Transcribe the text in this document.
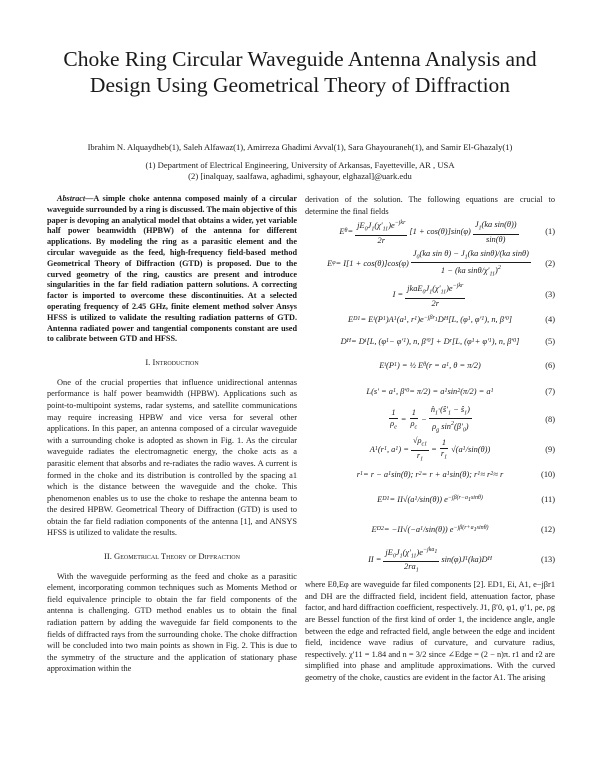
Choke Ring Circular Waveguide Antenna Analysis and Design Using Geometrical Theory of Diffraction
Ibrahim N. Alquaydheb(1), Saleh Alfawaz(1), Amirreza Ghadimi Avval(1), Sara Ghayouraneh(1), and Samir El-Ghazaly(1)
(1) Department of Electrical Engineering, University of Arkansas, Fayetteville, AR , USA
(2) [inalquay, saalfawa, aghadimi, sghayour, elghazal]@uark.edu
Abstract—A simple choke antenna composed mainly of a circular waveguide surrounded by a ring is discussed. The main objective of this paper is devoping an analytical model that obtains a wider, yet variable half power beamwidth (HPBW) of the antenna for different applications. By modeling the ring as a parasitic element and the circular waveguide as the feed, high-frequency field-based method Geometrical Theory of Diffraction (GTD) is proposed. Due to the curved geometry of the ring, caustics are present and introduce singularities in the far field radiation pattern solutions. A correcting factor is imported to overcome these discontinuities. At a selected operating frequency of 2.45 GHz, finite element method solver Ansys HFSS is utilized to validate the resulting radiation patterns of GTD. Antenna radiated power and tangential components constant are used to calibrate between GTD and HFSS.
I. Introduction

One of the crucial properties that influence unidirectional antennas performance is half power beamwidth (HPBW). Applications such as point-to-multipoint systems, radar systems, and satellite communications may require increasing HPBW and vice versa for several other applications. In this paper, an antenna composed of a circular waveguide with a surrounding choke is adopted as shown in Fig. 1. As the circular waveguide radiates the electromagnetic energy, the choke acts as a parasitic element that absorbs and re-radiates the radio waves. A current is formed in the choke and its distribution is controlled by the spacing a1 which is the distance between the waveguide and the choke. This phenomenon enables us to use the choke to reshape the antenna beam to the desired HPBW. Geometrical Theory of Diffraction (GTD) is used to obtain the far field radiation components of the antenna [1], and ANSYS HFSS is utilized to validate the results.

II. Geometrical Theory of Diffraction

With the waveguide performing as the feed and choke as a parasitic element, incorporating common techniques such as Moments Method or field equivalence principle to obtain the far field components of the antenna is challenging. GTD method enables us to obtain the final radiation pattern by adding the waveguide far field components to the fields of diffracted rays from the surrounding choke. The choke diffraction will be concluded into two main points as shown in Fig. 2. This is due to the symmetry of the structure and the application of stationary phase approximation within the

derivation of the solution. The following equations are crucial to determine the final fields
E $\theta = \frac{jE_0J_1(\chi'_{11})e^{-jkr}}{2r} [1 + \cos(\theta)]\sin(\varphi) \frac{J_1(ka \sin(\theta))}{\sin(\theta)}$	(1)
E $\varphi = I[1 + \cos(\theta)]\cos(\varphi) \frac{J_0(ka \sin \theta) - J_1(ka \sin\theta)/(ka \sin\theta)}{1 - (ka \sin\theta/\chi'_{11})^2} (2)$
$I = \frac{jkaE_0J_1(\chi'_{11})e^{-jkr}}{2r}$	(3)
E D1 = E i (P 1 )A 1 (a 1 , r 1 )e −jβr$_1$ D H [L, (φ 1 , φ′ 1 ), n, β′ 0 ]	(4)
D H = D i [L, (φ 1 − φ′ 1 ), n, β′ 0 ] + D r [L, (φ 1 + φ′ 1 ), n, β′ 0 ]	(5)
E i (P 1 ) = ½ E θ (r = a 1 , θ = π/2)	(6)
L(s′ = a 1 , β′ 0 = π/2) = a 1 sin 2 (π/2) = a 1	(7)
$\frac{1}{\rho_e} = \frac{1}{\rho_c} - \frac{n̂_1\cdot(ŝ'_1 - ŝ_1)}{\rho_g \sin^2(\beta'_0)}$	(8)
A 1 (r 1 , a 1 ) = $\frac{√\rho_{c1}}{r_1} = \frac{1}{r_1} √(a$ 1 /sin(θ))	(9)
r 1 = r − a 1 sin(θ); r 2 = r + a 1 sin(θ); r 1 ≈ r 2 ≈ r	(10)
E D1 = II√(a 1 /sin(θ)) $e -j\beta(r-a_1\sin\theta)$	(11)
E D2 = −II√(−a 1 /sin(θ)) $e -j\beta(r+a_1\sin\theta)$	(12)
II = $\frac{jE_0J_1(\chi'_{11})e^{-jka_1}}{2ra_1} \sin(\varphi)J$ 1 (ka)D H	(13)
where Eθ,Eφ are waveguide far filed components [2]. ED1, Ei, A1, e−jβr1 and DH are the diffracted field, incident field, attenuation factor, phase factor, and hard diffraction coefficient, respectively. J1, β′0, φ1, φ′1, ρe, ρg are Bessel function of the first kind of order 1, the incidence angle, angle between the edge and refracted field, angle between the edge and incident field, incidence wave radius of curvature, and curvature radius, respectively. χ′11 = 1.84 and n = 3/2 since ∠Edge = (2 − n)π. r1 and r2 are simplified into phase and amplitude approximations. With the curved geometry of the choke, caustics are evident in the factor A1. The arising
